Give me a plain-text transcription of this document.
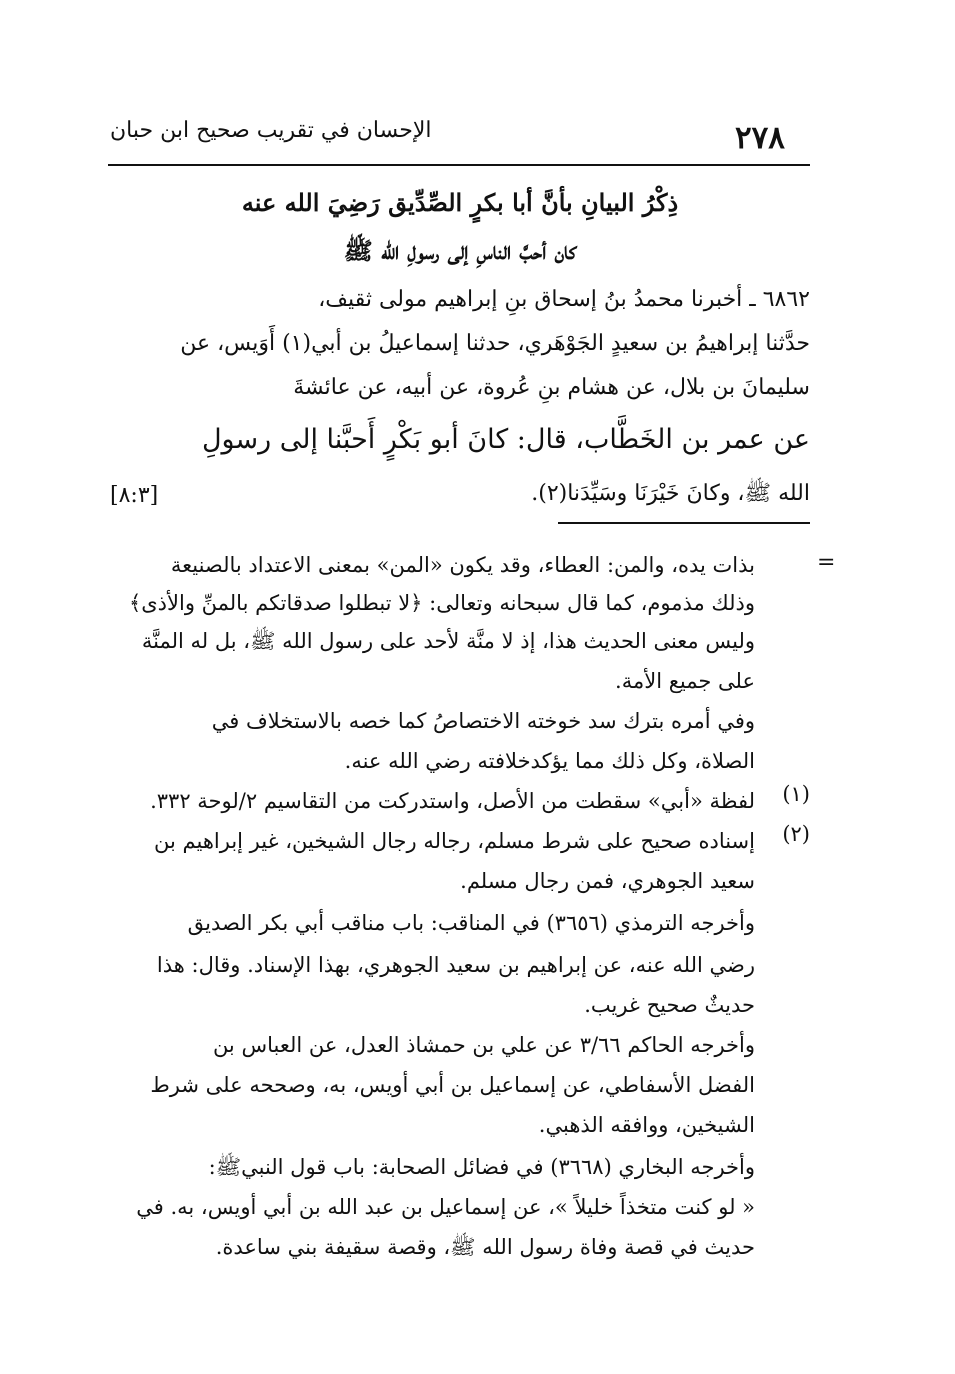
٢٧٨
الإحسان في تقريب صحيح ابن حبان
ذِكْرُ البيانِ بأنَّ أبا بكرٍ الصِّدِّيق رَضِيَ الله عنه
كان أحبَّ الناسِ إلى رسولِ الله ﷺ
٦٨٦٢ ـ أخبرنا محمدُ بنُ إسحاق بنِ إبراهيم مولى ثقيف،
حدَّثنا إبراهيمُ بن سعيدٍ الجَوْهَري، حدثنا إسماعيلُ بن أبي(١) أَوَيس، عن
سليمانَ بن بلال، عن هشام بنِ عُروة، عن أبيه، عن عائشةَ
عن عمر بن الخَطَّاب، قال: كانَ أبو بَكْرٍ أَحبَّنا إلى رسولِ
الله ﷺ، وكانَ خَيْرَنَا وسَيِّدَنا(٢).
[٨:٣]
=
بذات يده، والمن: العطاء، وقد يكون «المن» بمعنى الاعتداد بالصنيعة
وذلك مذموم، كما قال سبحانه وتعالى: ﴿لا تبطلوا صدقاتكم بالمنِّ والأذى﴾
وليس معنى الحديث هذا، إذ لا منَّة لأحد على رسول الله ﷺ، بل له المنَّة
على جميع الأمة.
وفي أمره بترك سد خوخته الاختصاصُ كما خصه بالاستخلاف في
الصلاة، وكل ذلك مما يؤكدخلافته رضي الله عنه.
(١)
لفظة «أبي» سقطت من الأصل، واستدركت من التقاسيم ٢/لوحة ٣٣٢.
(٢)
إسناده صحيح على شرط مسلم، رجاله رجال الشيخين، غير إبراهيم بن
سعيد الجوهري، فمن رجال مسلم.
وأخرجه الترمذي (٣٦٥٦) في المناقب: باب مناقب أبي بكر الصديق
رضي الله عنه، عن إبراهيم بن سعيد الجوهري، بهذا الإسناد. وقال: هذا
حديثٌ صحيح غريب.
وأخرجه الحاكم ٣/٦٦ عن علي بن حمشاذ العدل، عن العباس بن
الفضل الأسفاطي، عن إسماعيل بن أبي أويس، به، وصححه على شرط
الشيخين، ووافقه الذهبي.
وأخرجه البخاري (٣٦٦٨) في فضائل الصحابة: باب قول النبيﷺ:
« لو كنت متخذاً خليلاً »، عن إسماعيل بن عبد الله بن أبي أويس، به. في
حديث في قصة وفاة رسول الله ﷺ، وقصة سقيفة بني ساعدة.
